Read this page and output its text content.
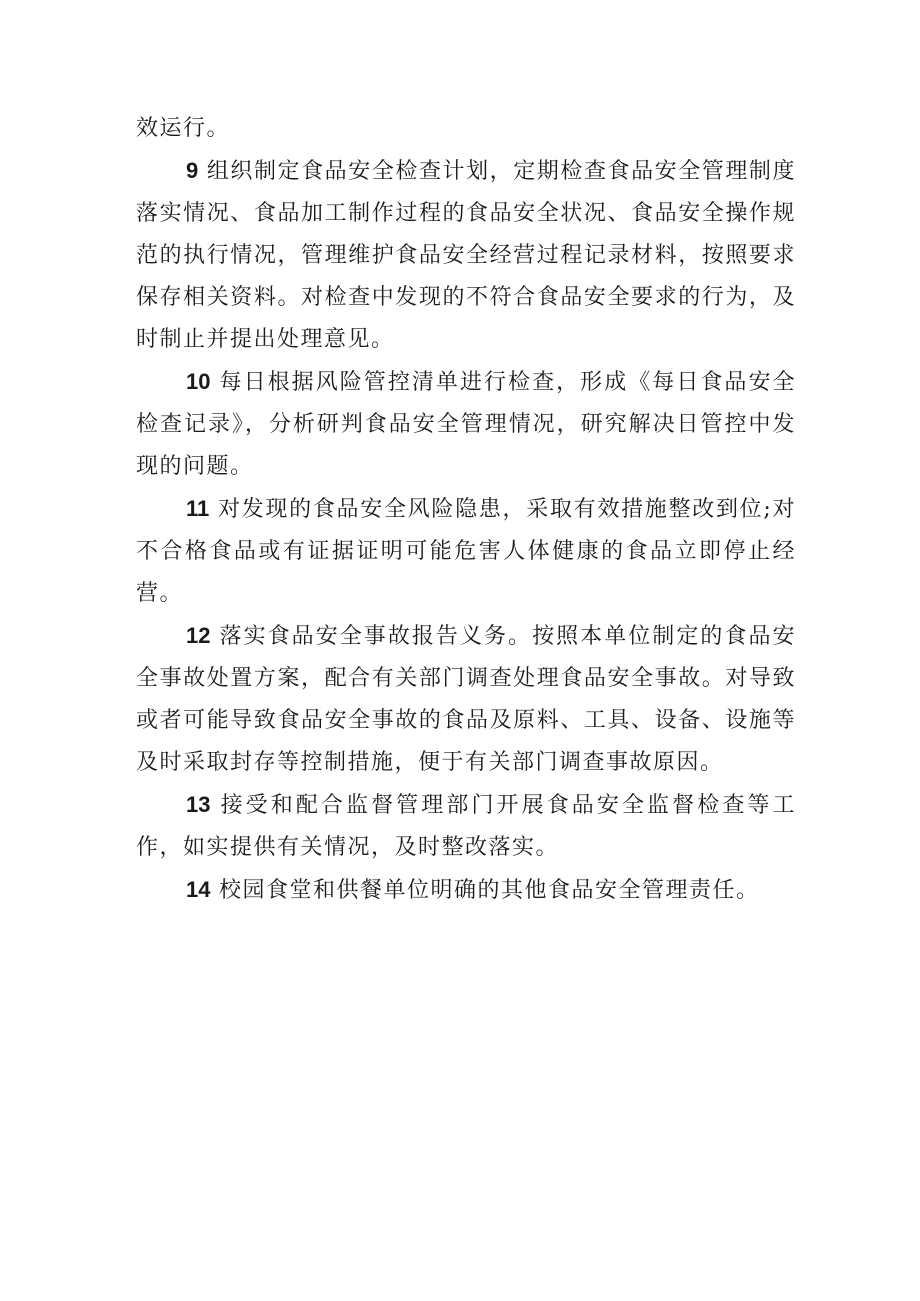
效运行。

9 组织制定食品安全检查计划，定期检查食品安全管理制度落实情况、食品加工制作过程的食品安全状况、食品安全操作规范的执行情况，管理维护食品安全经营过程记录材料，按照要求保存相关资料。对检查中发现的不符合食品安全要求的行为，及时制止并提出处理意见。

10 每日根据风险管控清单进行检查，形成《每日食品安全检查记录》，分析研判食品安全管理情况，研究解决日管控中发现的问题。

11 对发现的食品安全风险隐患，采取有效措施整改到位;对不合格食品或有证据证明可能危害人体健康的食品立即停止经营。

12 落实食品安全事故报告义务。按照本单位制定的食品安全事故处置方案，配合有关部门调查处理食品安全事故。对导致或者可能导致食品安全事故的食品及原料、工具、设备、设施等及时采取封存等控制措施，便于有关部门调查事故原因。

13 接受和配合监督管理部门开展食品安全监督检查等工作，如实提供有关情况，及时整改落实。

14 校园食堂和供餐单位明确的其他食品安全管理责任。
